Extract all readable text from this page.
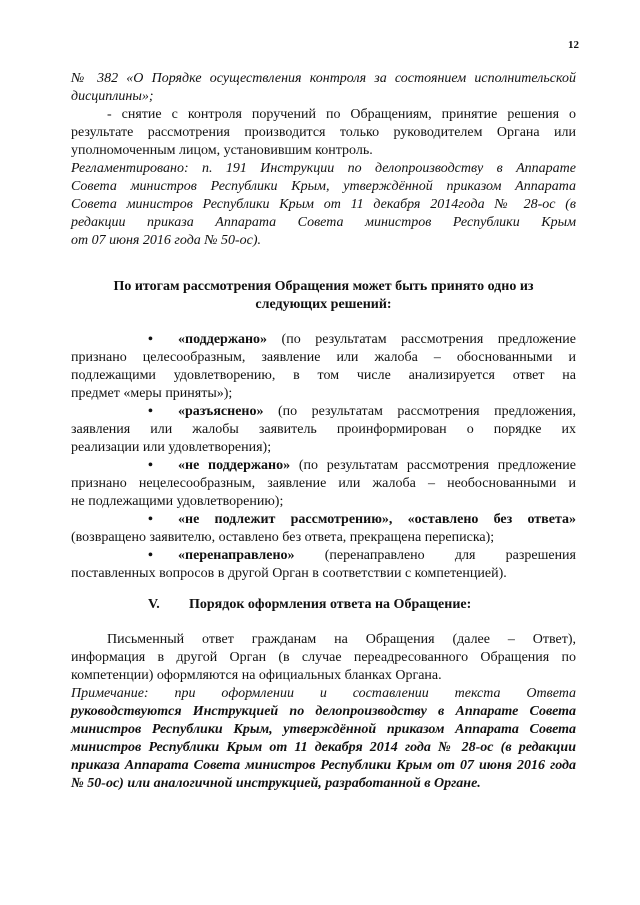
12
№ 382 «О Порядке осуществления контроля за состоянием исполнительской
дисциплины»;
- снятие с контроля поручений по Обращениям, принятие решения о
результате рассмотрения производится только руководителем Органа или
уполномоченным лицом, установившим контроль.
Регламентировано: п. 191 Инструкции по делопроизводству в Аппарате
Совета министров Республики Крым, утверждённой приказом Аппарата
Совета министров Республики Крым от 11 декабря 2014года № 28-ос (в
редакции приказа Аппарата Совета министров Республики Крым
от 07 июня 2016 года № 50-ос).
По итогам рассмотрения Обращения может быть принято одно из
следующих решений:
• «поддержано» (по результатам рассмотрения предложение
признано целесообразным, заявление или жалоба – обоснованными и
подлежащими удовлетворению, в том числе анализируется ответ на
предмет «меры приняты»);
• «разъяснено» (по результатам рассмотрения предложения,
заявления или жалобы заявитель проинформирован о порядке их
реализации или удовлетворения);
• «не поддержано» (по результатам рассмотрения предложение
признано нецелесообразным, заявление или жалоба – необоснованными и
не подлежащими удовлетворению);
• «не подлежит рассмотрению», «оставлено без ответа»
(возвращено заявителю, оставлено без ответа, прекращена переписка);
• «перенаправлено» (перенаправлено для разрешения
поставленных вопросов в другой Орган в соответствии с компетенцией).
V.	Порядок оформления ответа на Обращение:
Письменный ответ гражданам на Обращения (далее – Ответ),
информация в другой Орган (в случае переадресованного Обращения по
компетенции) оформляются на официальных бланках Органа.
Примечание: при оформлении и составлении текста Ответа
руководствуются Инструкцией по делопроизводству в Аппарате Совета
министров Республики Крым, утверждённой приказом Аппарата Совета
министров Республики Крым от 11 декабря 2014 года № 28-ос (в редакции
приказа Аппарата Совета министров Республики Крым от 07 июня 2016 года
№ 50-ос) или аналогичной инструкцией, разработанной в Органе.
